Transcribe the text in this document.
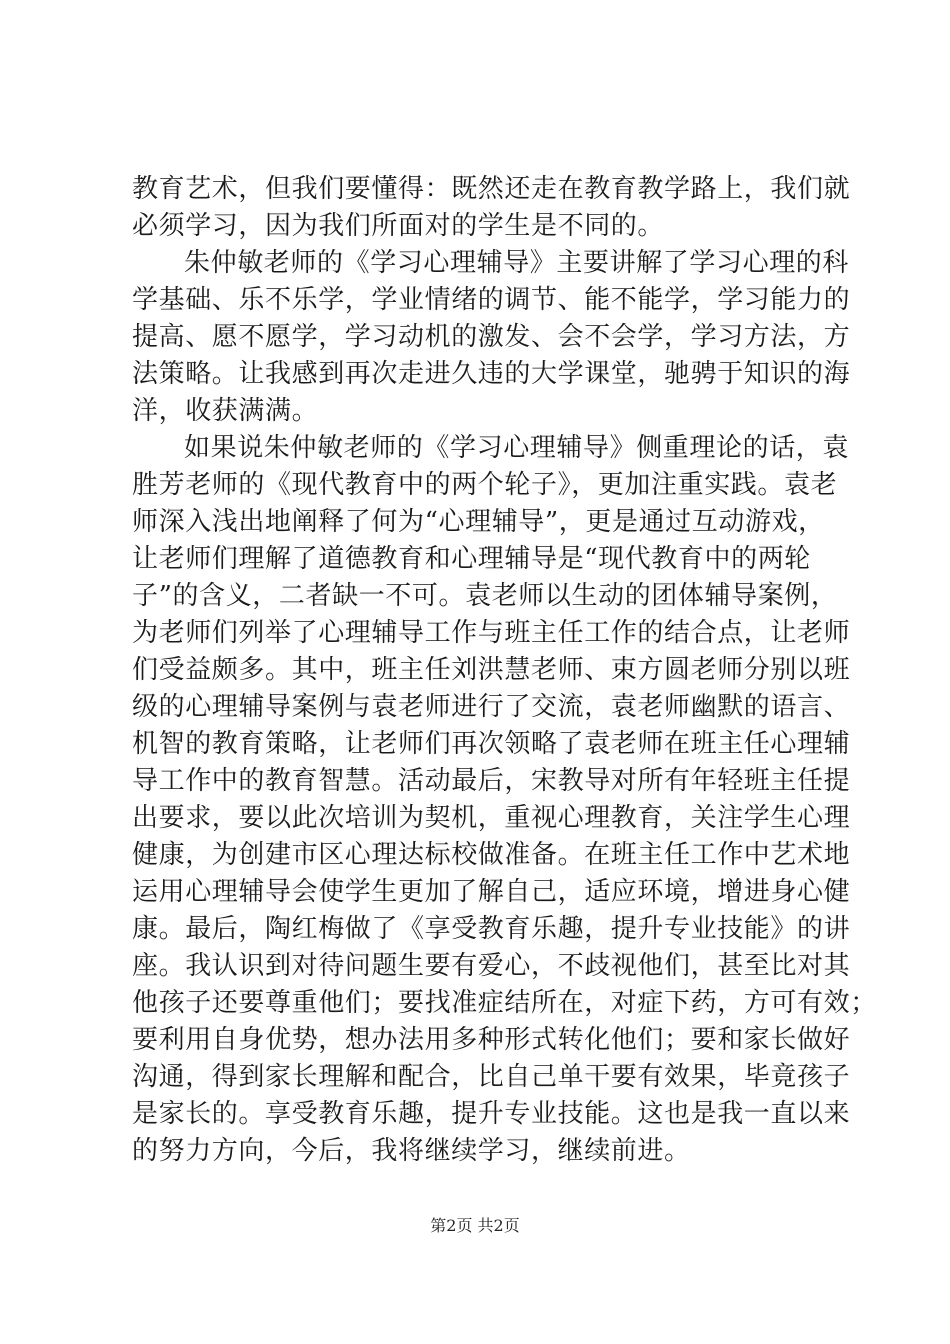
教育艺术，但我们要懂得：既然还走在教育教学路上，我们就
必须学习，因为我们所面对的学生是不同的。
朱仲敏老师的《学习心理辅导》主要讲解了学习心理的科
学基础、乐不乐学，学业情绪的调节、能不能学，学习能力的
提高、愿不愿学，学习动机的激发、会不会学，学习方法，方
法策略。让我感到再次走进久违的大学课堂，驰骋于知识的海
洋，收获满满。
如果说朱仲敏老师的《学习心理辅导》侧重理论的话，袁
胜芳老师的《现代教育中的两个轮子》，更加注重实践。袁老
师深入浅出地阐释了何为“心理辅导”，更是通过互动游戏，
让老师们理解了道德教育和心理辅导是“现代教育中的两轮
子”的含义，二者缺一不可。袁老师以生动的团体辅导案例，
为老师们列举了心理辅导工作与班主任工作的结合点，让老师
们受益颇多。其中，班主任刘洪慧老师、束方圆老师分别以班
级的心理辅导案例与袁老师进行了交流，袁老师幽默的语言、
机智的教育策略，让老师们再次领略了袁老师在班主任心理辅
导工作中的教育智慧。活动最后，宋教导对所有年轻班主任提
出要求，要以此次培训为契机，重视心理教育，关注学生心理
健康，为创建市区心理达标校做准备。在班主任工作中艺术地
运用心理辅导会使学生更加了解自己，适应环境，增进身心健
康。最后，陶红梅做了《享受教育乐趣，提升专业技能》的讲
座。我认识到对待问题生要有爱心，不歧视他们，甚至比对其
他孩子还要尊重他们；要找准症结所在，对症下药，方可有效；
要利用自身优势，想办法用多种形式转化他们；要和家长做好
沟通，得到家长理解和配合，比自己单干要有效果，毕竟孩子
是家长的。享受教育乐趣，提升专业技能。这也是我一直以来
的努力方向，今后，我将继续学习，继续前进。
第2页 共2页
